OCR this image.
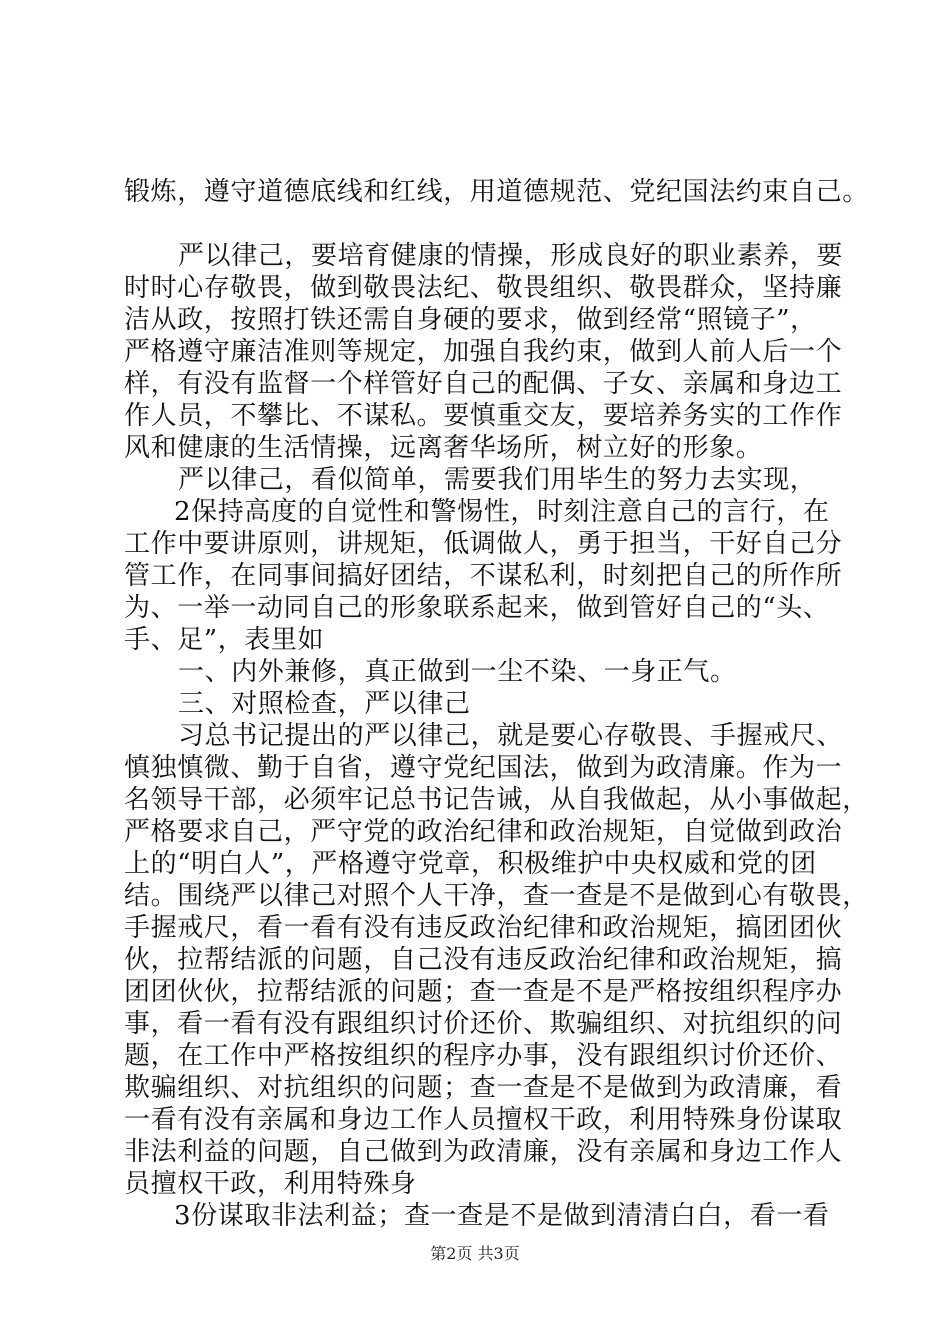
锻炼，遵守道德底线和红线，用道德规范、党纪国法约束自己。
严以律己，要培育健康的情操，形成良好的职业素养，要
时时心存敬畏，做到敬畏法纪、敬畏组织、敬畏群众，坚持廉
洁从政，按照打铁还需自身硬的要求，做到经常“照镜子”，
严格遵守廉洁准则等规定，加强自我约束，做到人前人后一个
样，有没有监督一个样管好自己的配偶、子女、亲属和身边工
作人员，不攀比、不谋私。要慎重交友，要培养务实的工作作
风和健康的生活情操，远离奢华场所，树立好的形象。
严以律己，看似简单，需要我们用毕生的努力去实现，
2保持高度的自觉性和警惕性，时刻注意自己的言行，在
工作中要讲原则，讲规矩，低调做人，勇于担当，干好自己分
管工作，在同事间搞好团结，不谋私利，时刻把自己的所作所
为、一举一动同自己的形象联系起来，做到管好自己的“头、
手、足”，表里如
一、内外兼修，真正做到一尘不染、一身正气。
三、对照检查，严以律己
习总书记提出的严以律己，就是要心存敬畏、手握戒尺、
慎独慎微、勤于自省，遵守党纪国法，做到为政清廉。作为一
名领导干部，必须牢记总书记告诫，从自我做起，从小事做起，
严格要求自己，严守党的政治纪律和政治规矩，自觉做到政治
上的“明白人”，严格遵守党章，积极维护中央权威和党的团
结。围绕严以律己对照个人干净，查一查是不是做到心有敬畏，
手握戒尺，看一看有没有违反政治纪律和政治规矩，搞团团伙
伙，拉帮结派的问题，自己没有违反政治纪律和政治规矩，搞
团团伙伙，拉帮结派的问题；查一查是不是严格按组织程序办
事，看一看有没有跟组织讨价还价、欺骗组织、对抗组织的问
题，在工作中严格按组织的程序办事，没有跟组织讨价还价、
欺骗组织、对抗组织的问题；查一查是不是做到为政清廉，看
一看有没有亲属和身边工作人员擅权干政，利用特殊身份谋取
非法利益的问题，自己做到为政清廉，没有亲属和身边工作人
员擅权干政，利用特殊身
3份谋取非法利益；查一查是不是做到清清白白，看一看
第2页 共3页
